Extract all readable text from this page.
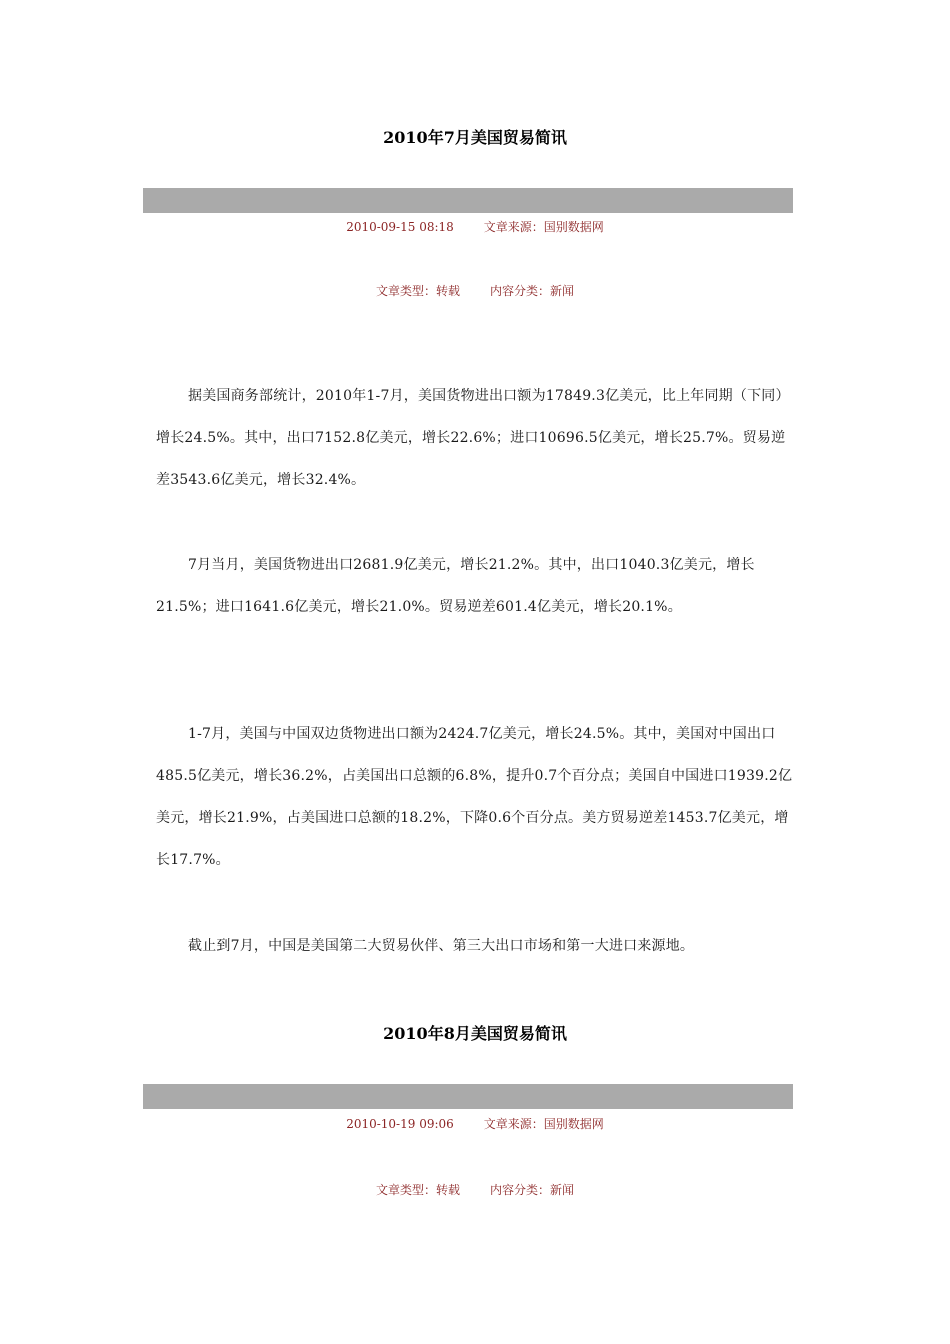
2010年7月美国贸易简讯
2010-09-15 08:18	文章来源：国别数据网
文章类型：转载	内容分类：新闻

据美国商务部统计，2010年1-7月，美国货物进出口额为17849.3亿美元，比上年同期（下同）增长24.5%。其中，出口7152.8亿美元，增长22.6%；进口10696.5亿美元，增长25.7%。贸易逆差3543.6亿美元，增长32.4%。

7月当月，美国货物进出口2681.9亿美元，增长21.2%。其中，出口1040.3亿美元，增长21.5%；进口1641.6亿美元，增长21.0%。贸易逆差601.4亿美元，增长20.1%。

1-7月，美国与中国双边货物进出口额为2424.7亿美元，增长24.5%。其中，美国对中国出口485.5亿美元，增长36.2%，占美国出口总额的6.8%，提升0.7个百分点；美国自中国进口1939.2亿美元，增长21.9%，占美国进口总额的18.2%，下降0.6个百分点。美方贸易逆差1453.7亿美元，增长17.7%。

截止到7月，中国是美国第二大贸易伙伴、第三大出口市场和第一大进口来源地。

2010年8月美国贸易简讯
2010-10-19 09:06	文章来源：国别数据网
文章类型：转载	内容分类：新闻
